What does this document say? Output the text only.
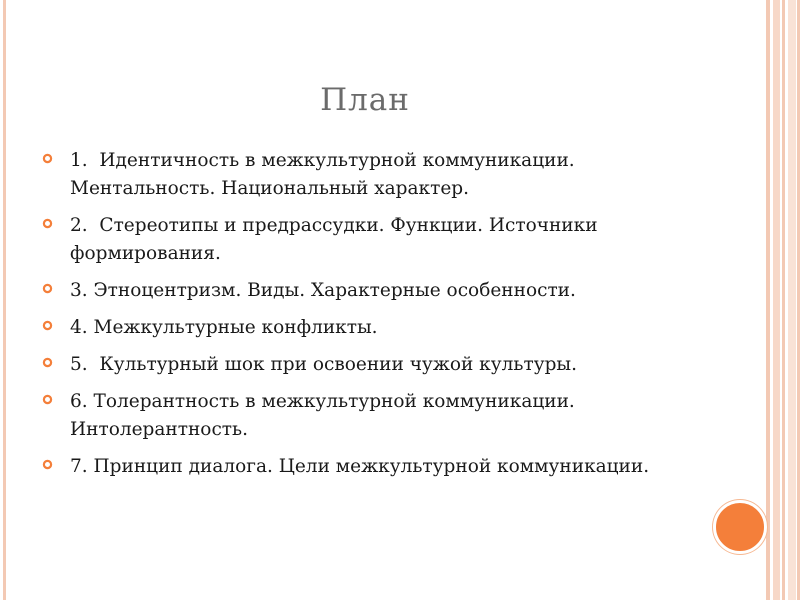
План
1.  Идентичность в межкультурной коммуникации. Ментальность. Национальный характер.
2.  Стереотипы и предрассудки. Функции. Источники формирования.
3. Этноцентризм. Виды. Характерные особенности.
4. Межкультурные конфликты.
5.  Культурный шок при освоении чужой культуры.
6. Толерантность в межкультурной коммуникации. Интолерантность.
7. Принцип диалога. Цели межкультурной коммуникации.
